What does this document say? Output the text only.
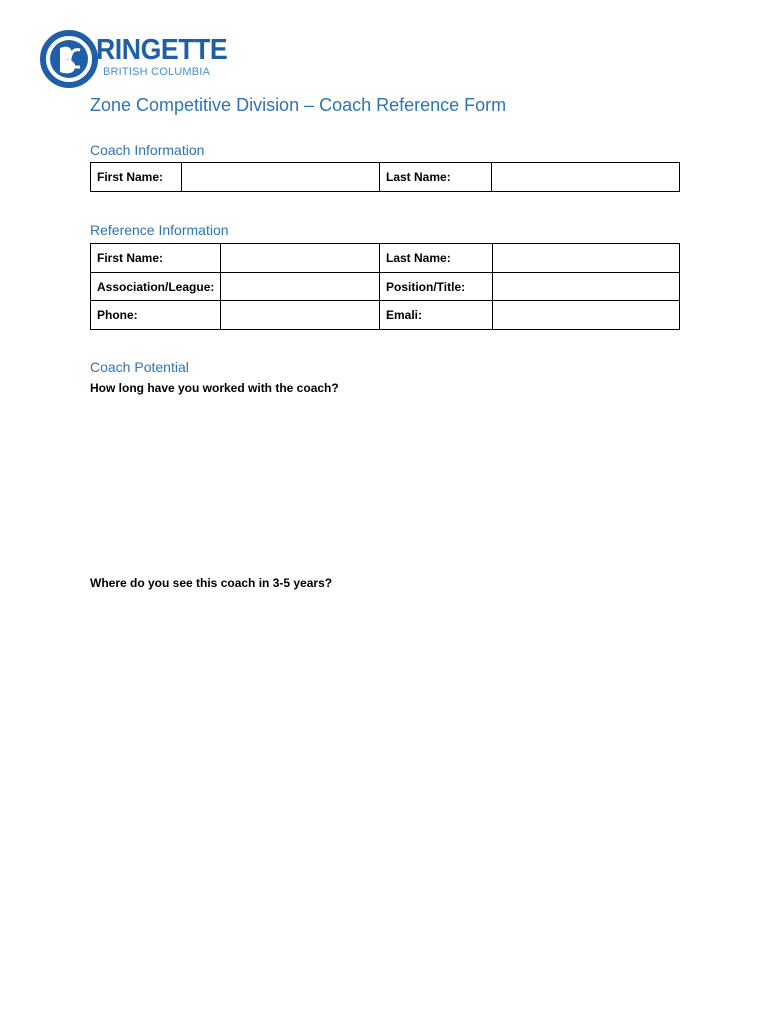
RINGETTE
BRITISH COLUMBIA
Zone Competitive Division – Coach Reference Form
Coach Information
First Name:		Last Name:	
Reference Information
First Name:		Last Name:	
Association/League:		Position/Title:	
Phone:		Emali:	
Coach Potential
How long have you worked with the coach?
Where do you see this coach in 3-5 years?
